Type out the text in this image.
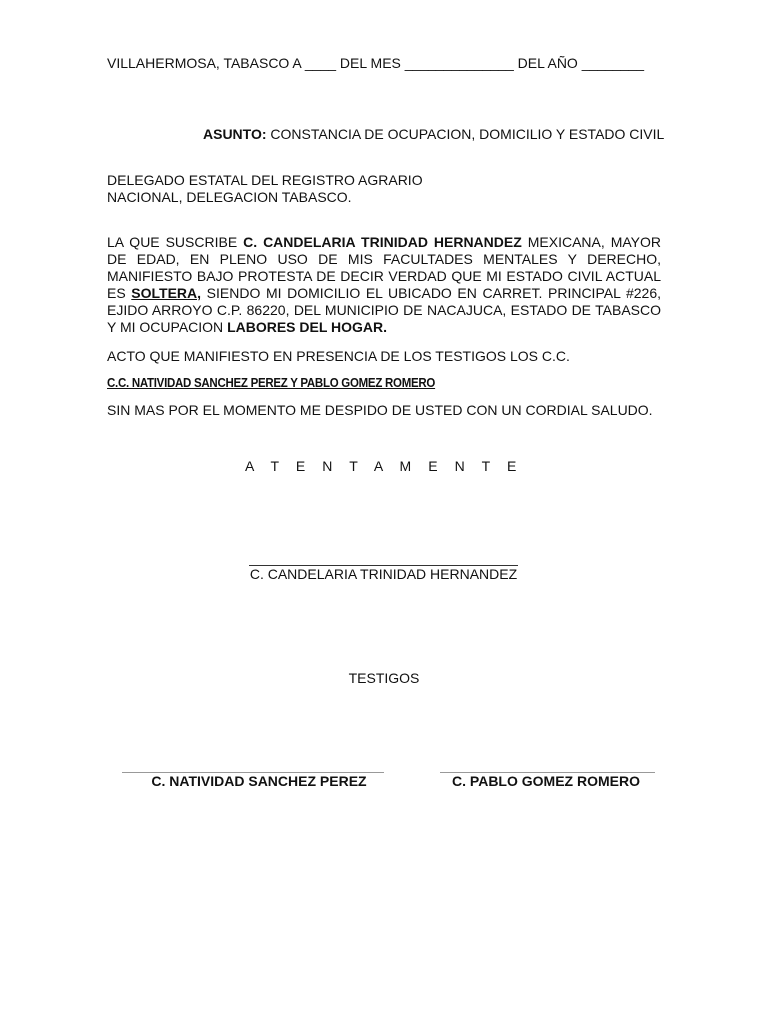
VILLAHERMOSA, TABASCO A ____ DEL MES ______________ DEL AÑO ________
ASUNTO: CONSTANCIA DE OCUPACION, DOMICILIO Y ESTADO CIVIL
DELEGADO ESTATAL DEL REGISTRO AGRARIO
NACIONAL, DELEGACION TABASCO.
LA QUE SUSCRIBE C. CANDELARIA TRINIDAD HERNANDEZ MEXICANA, MAYOR DE EDAD, EN PLENO USO DE MIS FACULTADES MENTALES Y DERECHO, MANIFIESTO BAJO PROTESTA DE DECIR VERDAD QUE MI ESTADO CIVIL ACTUAL ES SOLTERA, SIENDO MI DOMICILIO EL UBICADO EN CARRET. PRINCIPAL #226, EJIDO ARROYO C.P. 86220, DEL MUNICIPIO DE NACAJUCA, ESTADO DE TABASCO Y MI OCUPACION LABORES DEL HOGAR.
ACTO QUE MANIFIESTO EN PRESENCIA DE LOS TESTIGOS LOS C.C.
C.C. NATIVIDAD SANCHEZ PEREZ Y PABLO GOMEZ ROMERO
SIN MAS POR EL MOMENTO ME DESPIDO DE USTED CON UN CORDIAL SALUDO.
A T E N T A M E N T E
C. CANDELARIA TRINIDAD HERNANDEZ
TESTIGOS
C. NATIVIDAD SANCHEZ PEREZ	C. PABLO GOMEZ ROMERO
